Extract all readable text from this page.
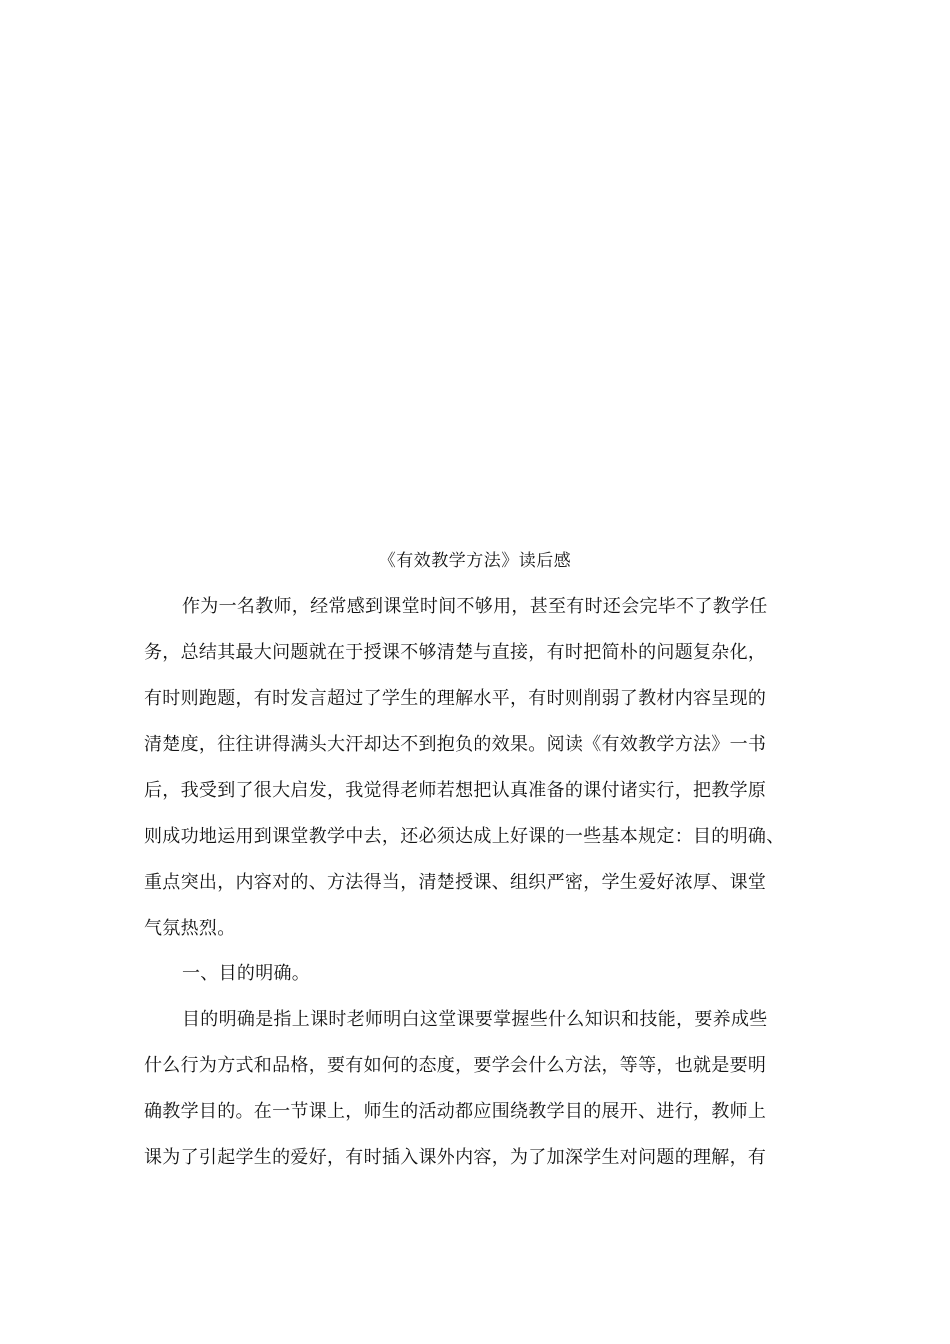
《有效教学方法》读后感
作为一名教师，经常感到课堂时间不够用，甚至有时还会完毕不了教学任
务，总结其最大问题就在于授课不够清楚与直接，有时把简朴的问题复杂化，
有时则跑题，有时发言超过了学生的理解水平，有时则削弱了教材内容呈现的
清楚度，往往讲得满头大汗却达不到抱负的效果。阅读《有效教学方法》一书
后，我受到了很大启发，我觉得老师若想把认真准备的课付诸实行，把教学原
则成功地运用到课堂教学中去，还必须达成上好课的一些基本规定：目的明确、
重点突出，内容对的、方法得当，清楚授课、组织严密，学生爱好浓厚、课堂
气氛热烈。
一、目的明确。
目的明确是指上课时老师明白这堂课要掌握些什么知识和技能，要养成些
什么行为方式和品格，要有如何的态度，要学会什么方法，等等，也就是要明
确教学目的。在一节课上，师生的活动都应围绕教学目的展开、进行，教师上
课为了引起学生的爱好，有时插入课外内容，为了加深学生对问题的理解，有
